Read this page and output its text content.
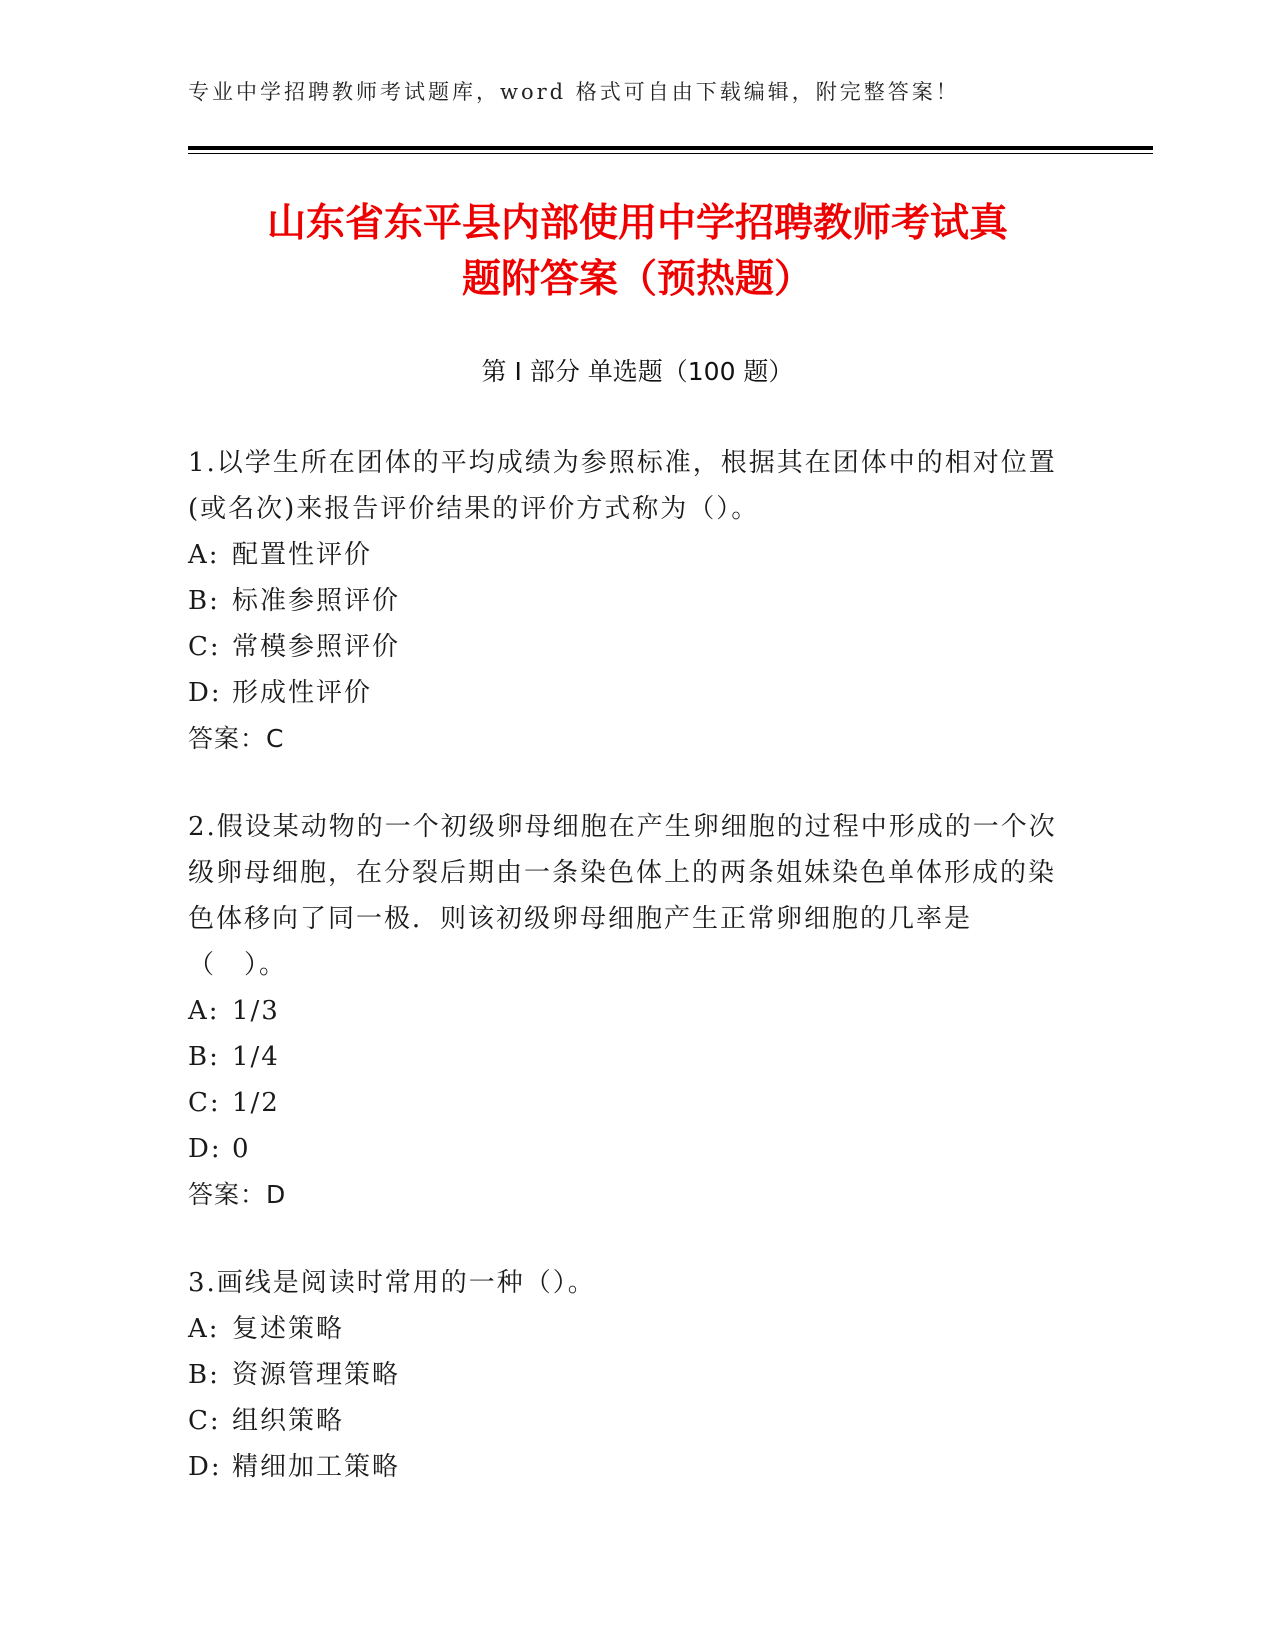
专业中学招聘教师考试题库，word 格式可自由下载编辑，附完整答案！
山东省东平县内部使用中学招聘教师考试真
题附答案（预热题）
第 I 部分 单选题（100 题）

1.以学生所在团体的平均成绩为参照标准，根据其在团体中的相对位置(或名次)来报告评价结果的评价方式称为（）。

A: 配置性评价

B: 标准参照评价

C: 常模参照评价

D: 形成性评价

答案：C

2.假设某动物的一个初级卵母细胞在产生卵细胞的过程中形成的一个次级卵母细胞，在分裂后期由一条染色体上的两条姐妹染色单体形成的染色体移向了同一极．则该初级卵母细胞产生正常卵细胞的几率是（　）。

A: 1/3

B: 1/4

C: 1/2

D: 0

答案：D

3.画线是阅读时常用的一种（）。

A: 复述策略

B: 资源管理策略

C: 组织策略

D: 精细加工策略
